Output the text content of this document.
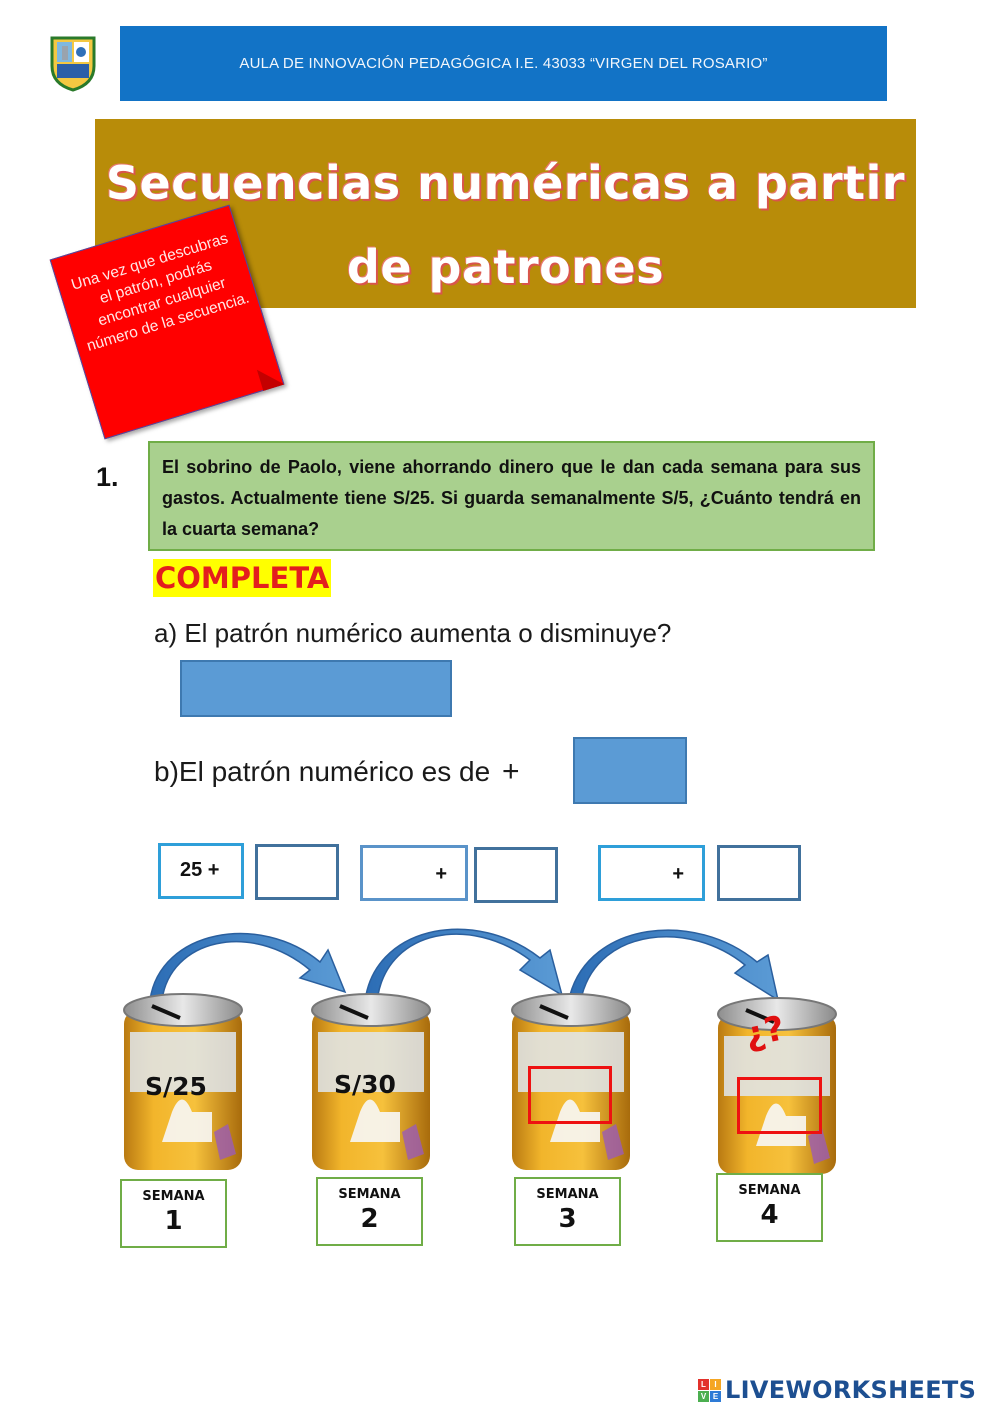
AULA DE INNOVACIÓN PEDAGÓGICA I.E. 43033 “VIRGEN DEL ROSARIO”
Secuencias numéricas a partir
de patrones
Una vez que descubras el patrón, podrás encontrar cualquier número de la secuencia.
1.	El sobrino de Paolo, viene ahorrando dinero que le dan cada semana para sus gastos. Actualmente tiene S/25. Si guarda semanalmente S/5, ¿Cuánto tendrá en la cuarta semana?
COMPLETA
a) El patrón numérico aumenta o disminuye?
b)El patrón numérico es de +
25 +	+	+
S/25	S/30
¿?
SEMANA
1
SEMANA
2
SEMANA
3
SEMANA
4
L	I
V E LIVEWORKSHEETS
